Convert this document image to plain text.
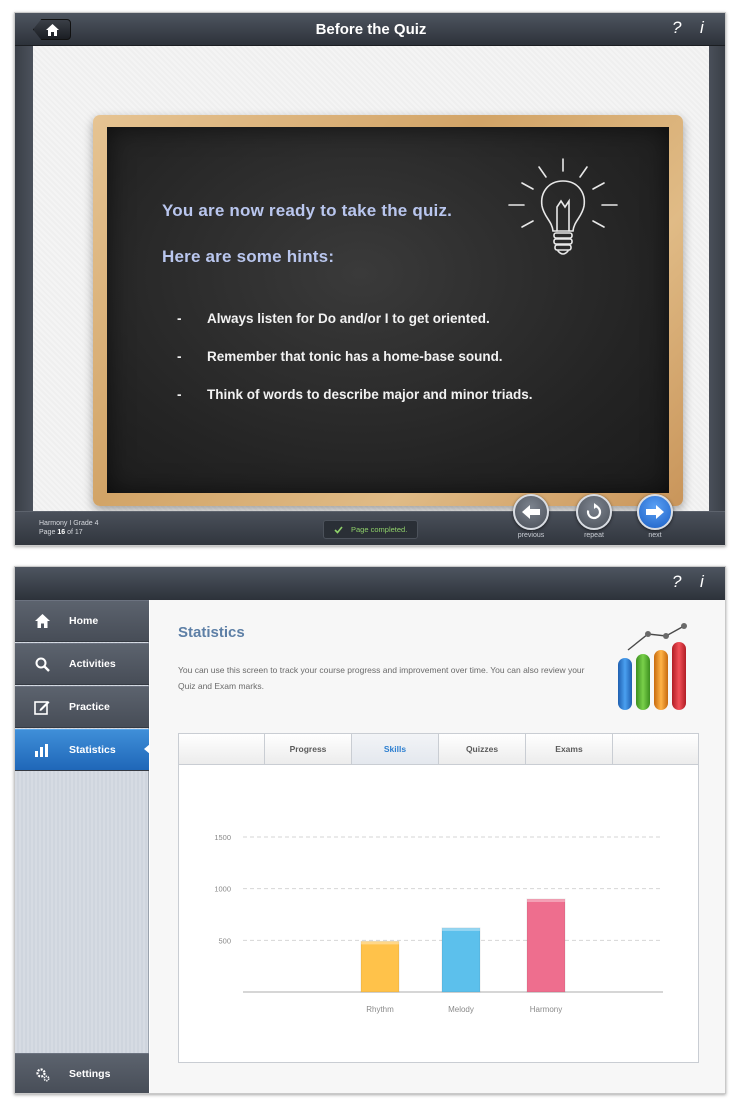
Before the Quiz	? i
You are now ready to take the quiz.
Here are some hints:
-	Always listen for Do and/or I to get oriented.
-	Remember that tonic has a home-base sound.
-	Think of words to describe major and minor triads.
Harmony I Grade 4
Page 16 of 17	Page completed.
previous	repeat	next
? i
Home
Activities
Practice
Statistics
Settings
Statistics
You can use this screen to track your course progress and improvement over time. You can also review your Quiz and Exam marks.
Progress	Skills	Quizzes	Exams
500
1000
1500
Rhythm	Melody	Harmony
